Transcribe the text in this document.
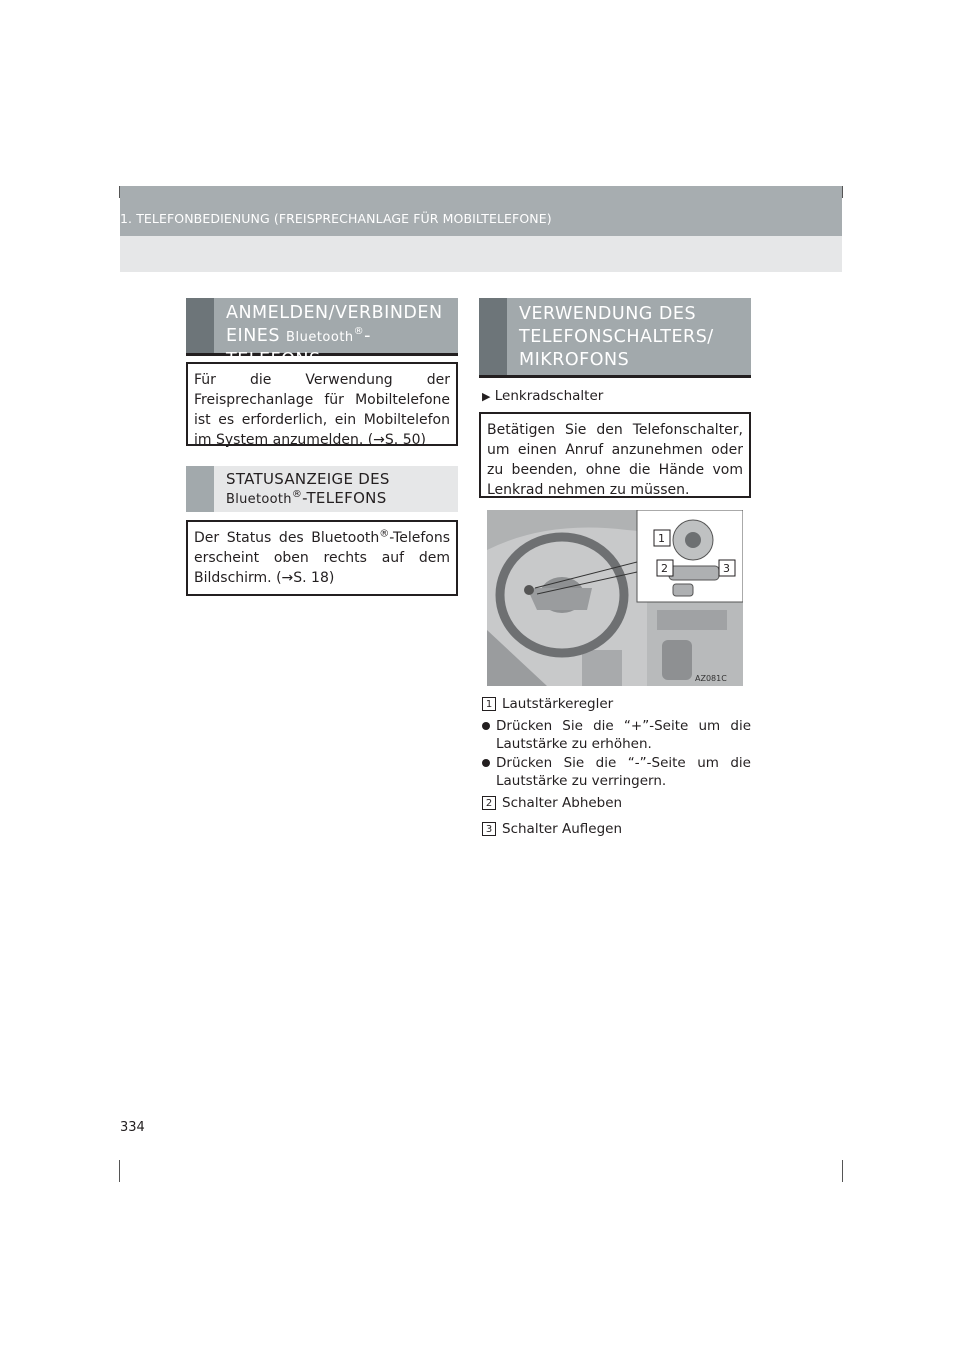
1. TELEFONBEDIENUNG (FREISPRECHANLAGE FÜR MOBILTELEFONE)
ANMELDEN/VERBINDEN
EINES Bluetooth®-TELEFONS
Für die Verwendung der Freisprechanlage für Mobiltelefone ist es erforderlich, ein Mobiltelefon im System anzumelden. (→S. 50)
STATUSANZEIGE DES
Bluetooth®-TELEFONS
Der Status des Bluetooth®-Telefons erscheint oben rechts auf dem Bildschirm. (→S. 18)
VERWENDUNG DES
TELEFONSCHALTERS/
MIKROFONS
▶ Lenkradschalter
Betätigen Sie den Telefonschalter, um einen Anruf anzunehmen oder zu beenden, ohne die Hände vom Lenkrad nehmen zu müssen.
1
2	3
AZ081C
1 Lautstärkeregler
Drücken Sie die “+”-Seite um die Lautstärke zu erhöhen.
Drücken Sie die “-”-Seite um die Lautstärke zu verringern.
2 Schalter Abheben
3 Schalter Auflegen
334
